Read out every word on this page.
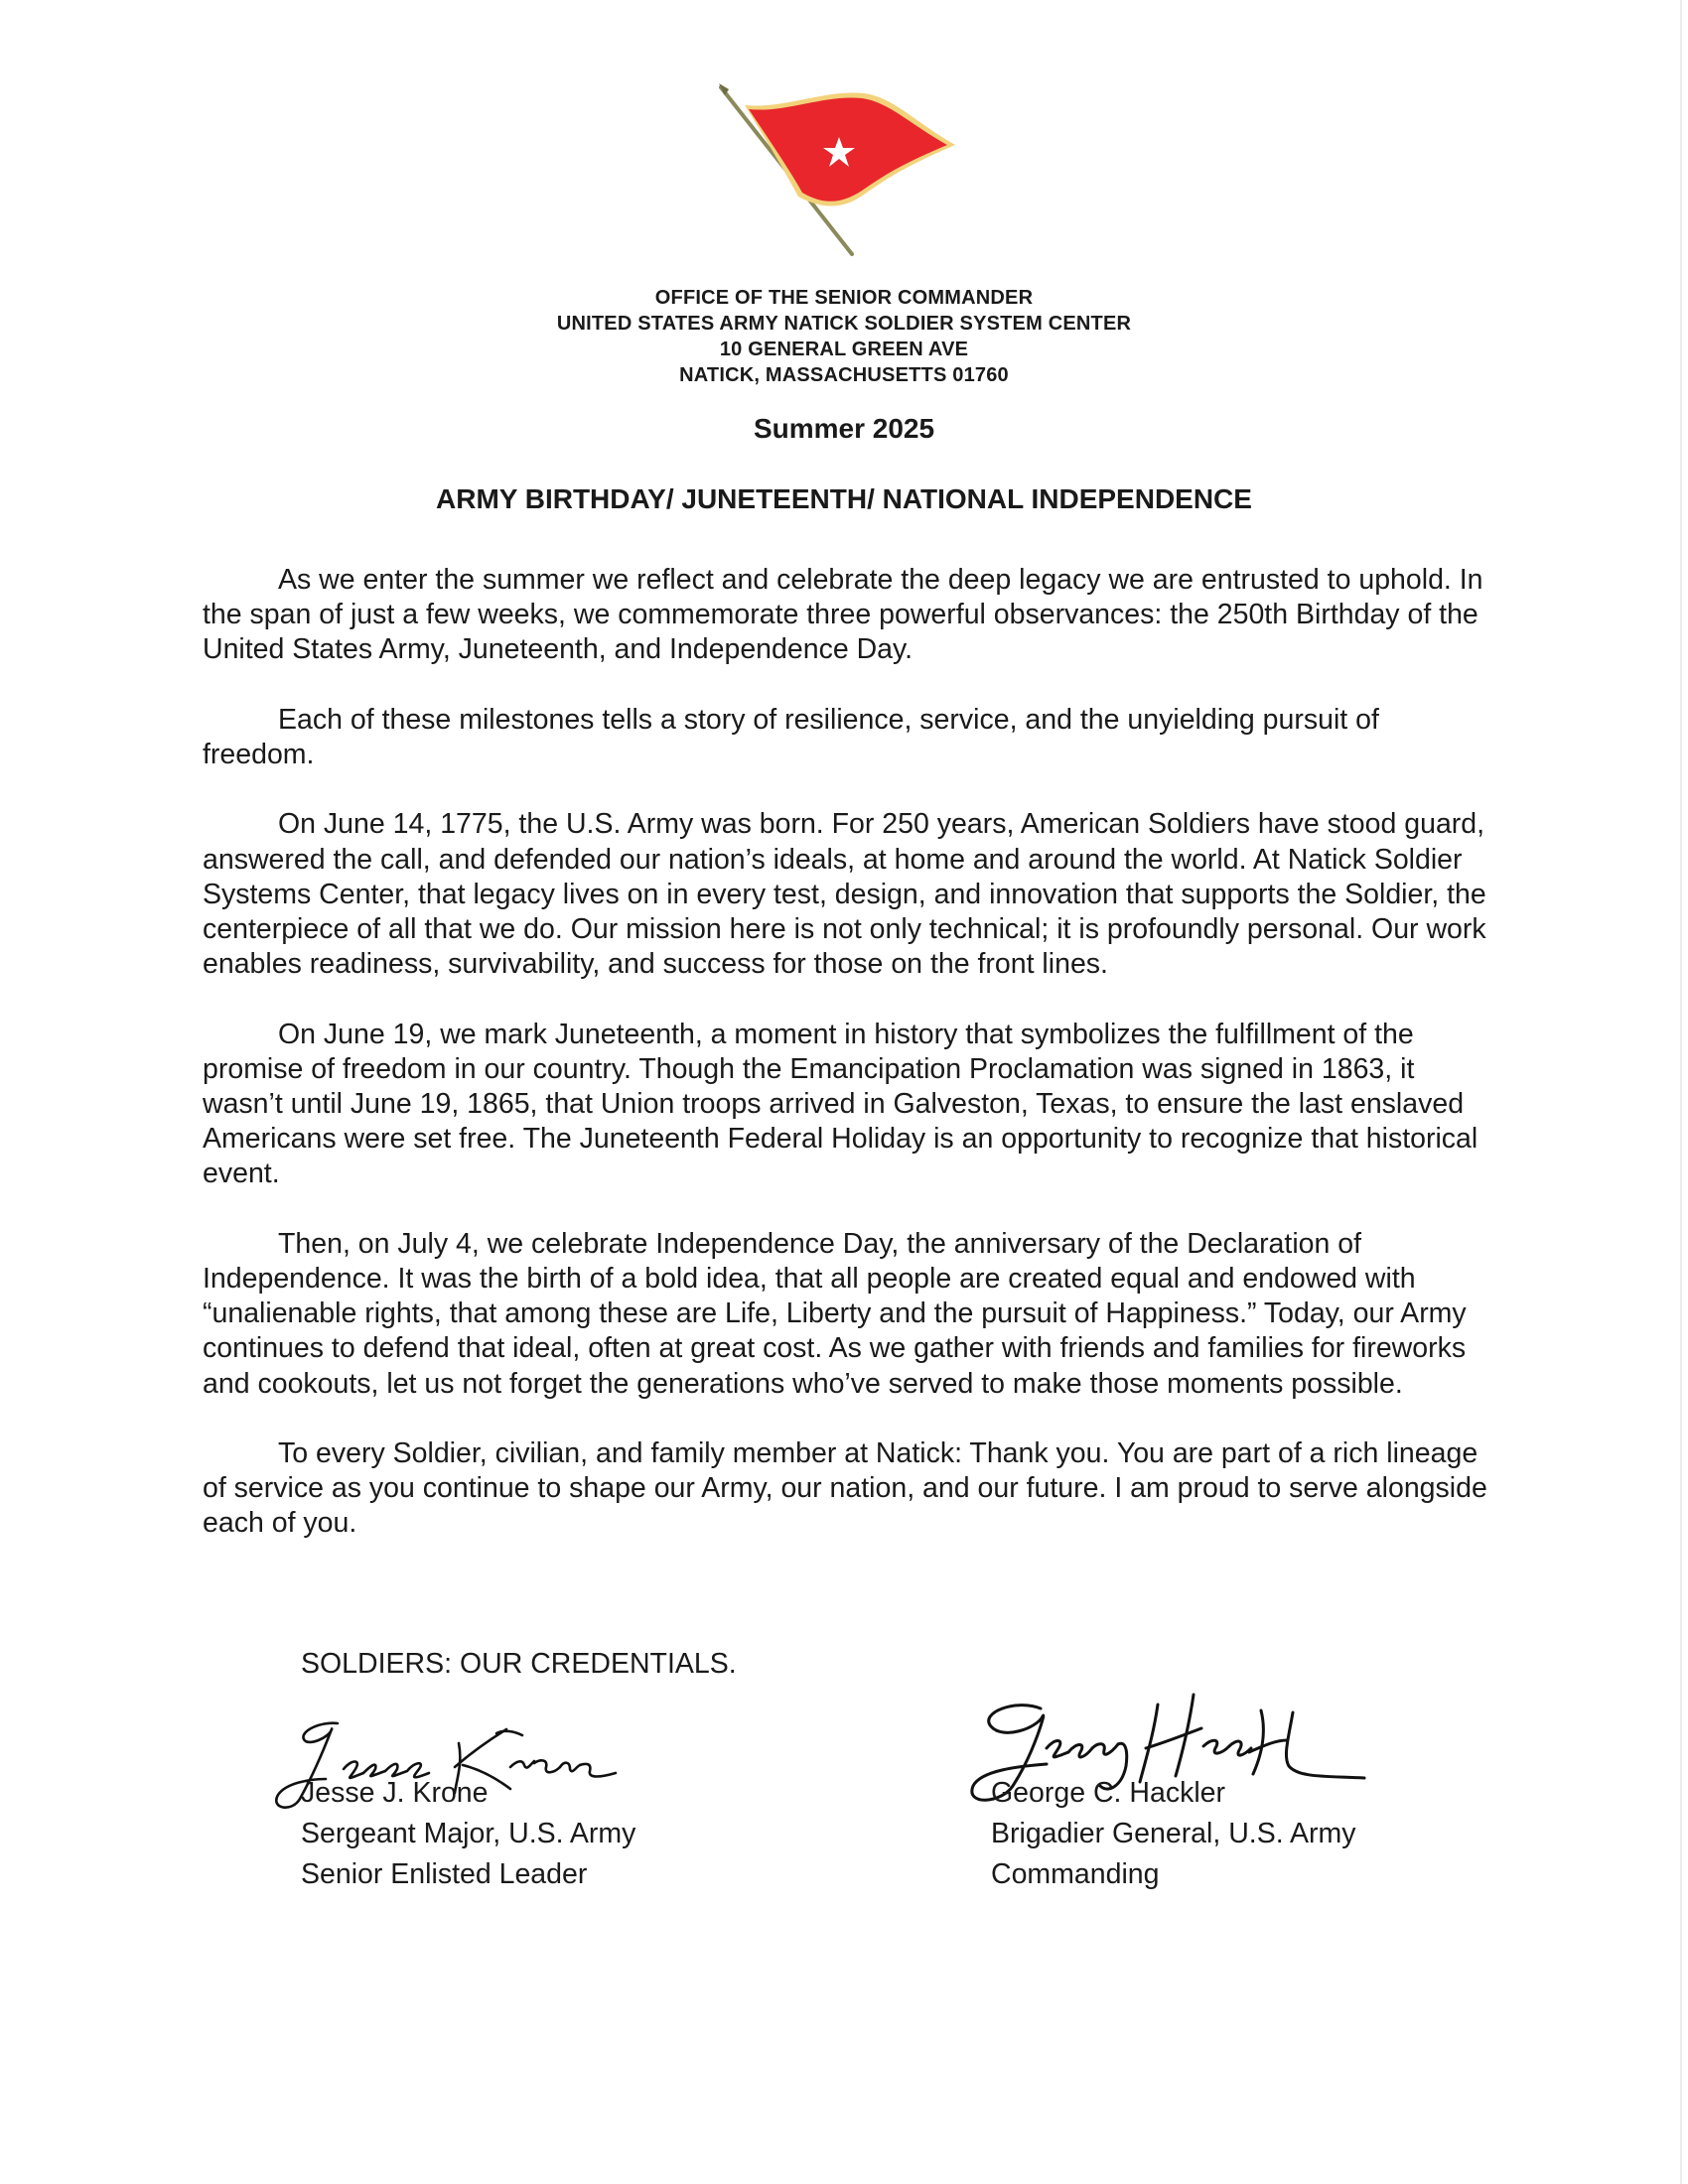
OFFICE OF THE SENIOR COMMANDER
UNITED STATES ARMY NATICK SOLDIER SYSTEM CENTER
10 GENERAL GREEN AVE
NATICK, MASSACHUSETTS 01760
Summer 2025
ARMY BIRTHDAY/ JUNETEENTH/ NATIONAL INDEPENDENCE

As we enter the summer we reflect and celebrate the deep legacy we are entrusted to uphold. In the span of just a few weeks, we commemorate three powerful observances: the 250th Birthday of the United States Army, Juneteenth, and Independence Day.

Each of these milestones tells a story of resilience, service, and the unyielding pursuit of freedom.

On June 14, 1775, the U.S. Army was born. For 250 years, American Soldiers have stood guard, answered the call, and defended our nation’s ideals, at home and around the world. At Natick Soldier Systems Center, that legacy lives on in every test, design, and innovation that supports the Soldier, the centerpiece of all that we do. Our mission here is not only technical; it is profoundly personal. Our work enables readiness, survivability, and success for those on the front lines.

On June 19, we mark Juneteenth, a moment in history that symbolizes the fulfillment of the promise of freedom in our country. Though the Emancipation Proclamation was signed in 1863, it wasn’t until June 19, 1865, that Union troops arrived in Galveston, Texas, to ensure the last enslaved Americans were set free. The Juneteenth Federal Holiday is an opportunity to recognize that historical event.

Then, on July 4, we celebrate Independence Day, the anniversary of the Declaration of Independence. It was the birth of a bold idea, that all people are created equal and endowed with “unalienable rights, that among these are Life, Liberty and the pursuit of Happiness.” Today, our Army continues to defend that ideal, often at great cost. As we gather with friends and families for fireworks and cookouts, let us not forget the generations who’ve served to make those moments possible.

To every Soldier, civilian, and family member at Natick: Thank you. You are part of a rich lineage of service as you continue to shape our Army, our nation, and our future. I am proud to serve alongside each of you.

SOLDIERS: OUR CREDENTIALS.
Jesse J. Krone
Sergeant Major, U.S. Army
Senior Enlisted Leader
George C. Hackler
Brigadier General, U.S. Army
Commanding
